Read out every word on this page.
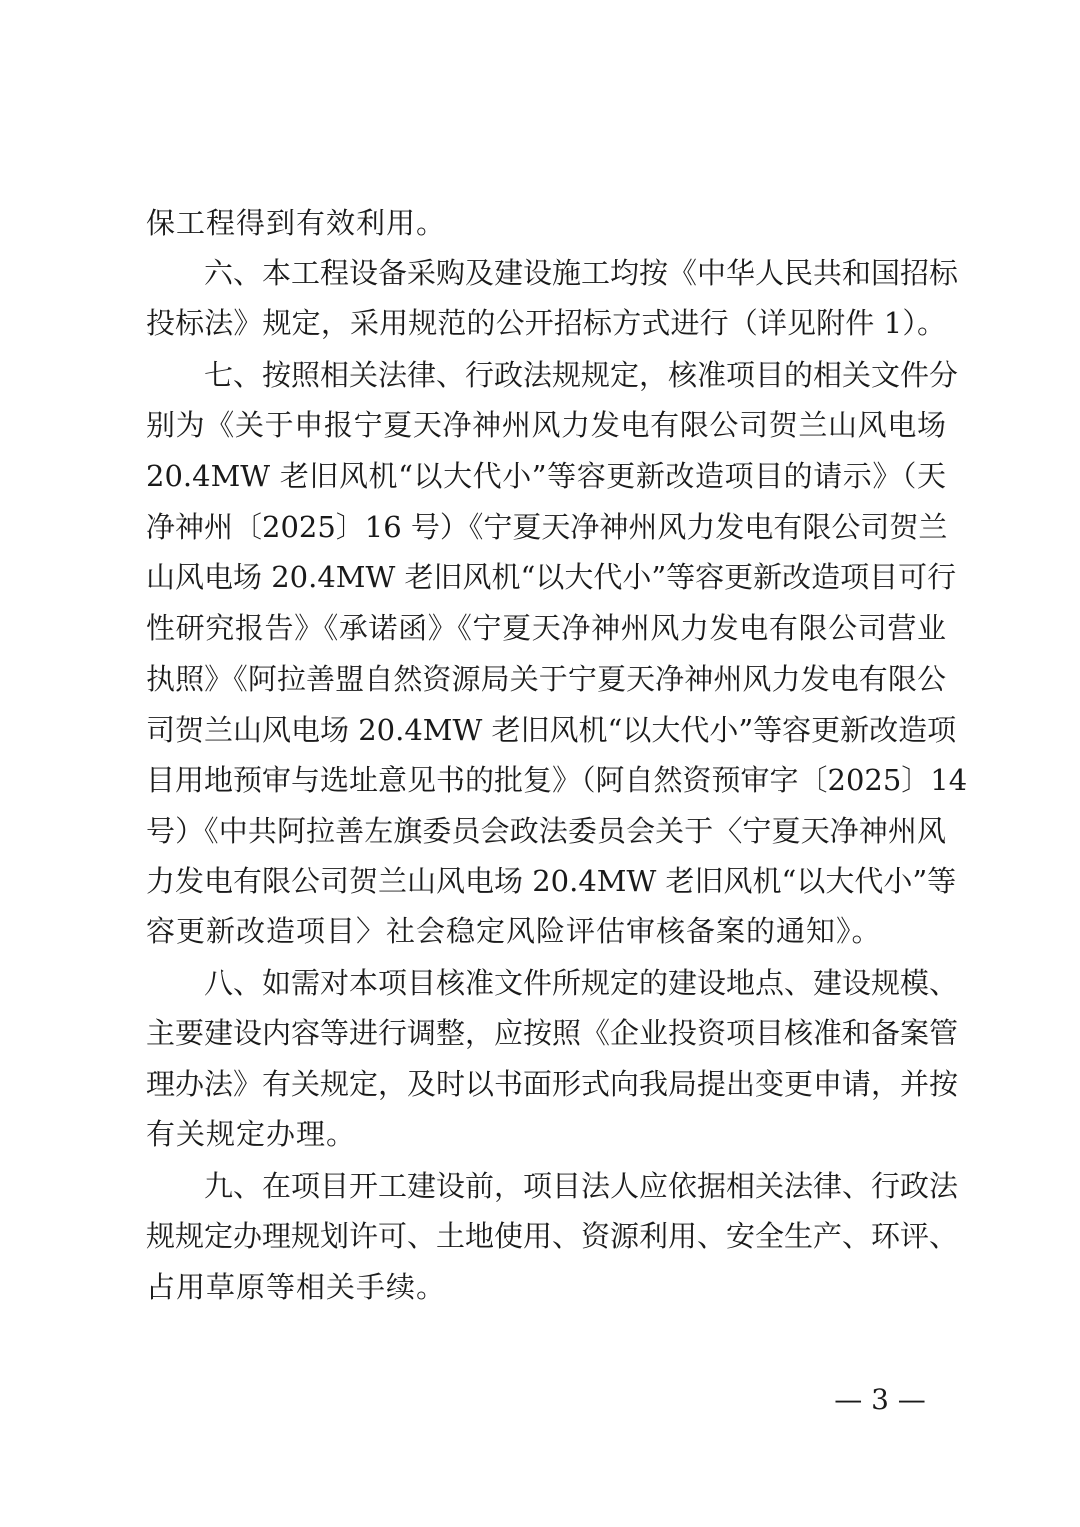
保工程得到有效利用。
六、本工程设备采购及建设施工均按《中华人民共和国招标
投标法》规定，采用规范的公开招标方式进行（详见附件 1）。
七、按照相关法律、行政法规规定，核准项目的相关文件分
别为《关于申报宁夏天净神州风力发电有限公司贺兰山风电场
20.4MW 老旧风机“以大代小”等容更新改造项目的请示》（天
净神州〔2025〕16 号）《宁夏天净神州风力发电有限公司贺兰
山风电场 20.4MW 老旧风机“以大代小”等容更新改造项目可行
性研究报告》《承诺函》《宁夏天净神州风力发电有限公司营业
执照》《阿拉善盟自然资源局关于宁夏天净神州风力发电有限公
司贺兰山风电场 20.4MW 老旧风机“以大代小”等容更新改造项
目用地预审与选址意见书的批复》（阿自然资预审字〔2025〕14
号）《中共阿拉善左旗委员会政法委员会关于〈宁夏天净神州风
力发电有限公司贺兰山风电场 20.4MW 老旧风机“以大代小”等
容更新改造项目〉社会稳定风险评估审核备案的通知》。
八、如需对本项目核准文件所规定的建设地点、建设规模、
主要建设内容等进行调整，应按照《企业投资项目核准和备案管
理办法》有关规定，及时以书面形式向我局提出变更申请，并按
有关规定办理。
九、在项目开工建设前，项目法人应依据相关法律、行政法
规规定办理规划许可、土地使用、资源利用、安全生产、环评、
占用草原等相关手续。
— 3 —
